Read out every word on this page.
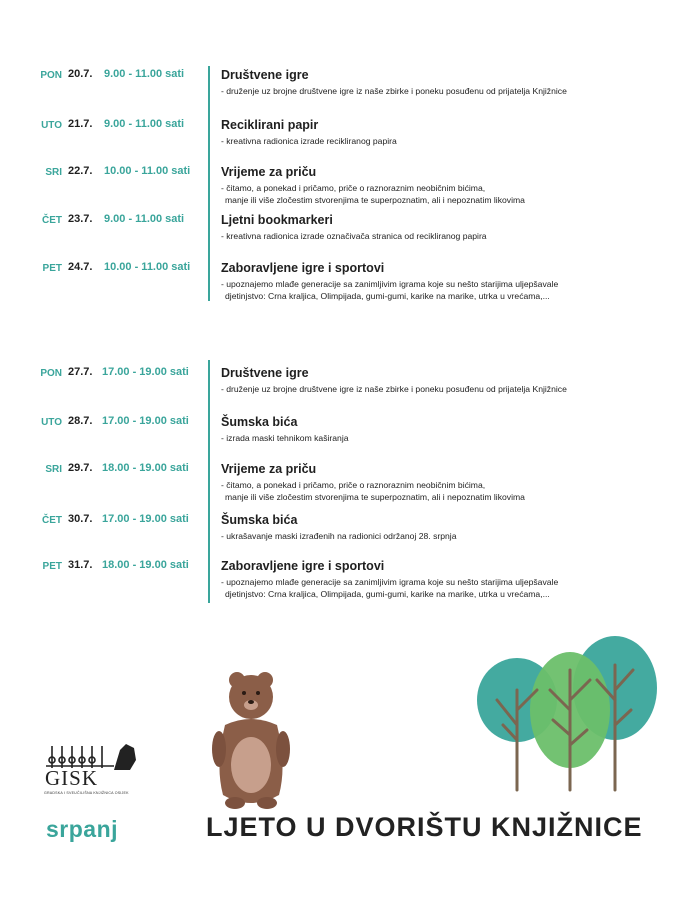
PON 20.7. 9.00 - 11.00 sati	Društvene igre
- druženje uz brojne društvene igre iz naše zbirke i poneku posuđenu od prijatelja Knjižnice
UTO 21.7. 9.00 - 11.00 sati	Reciklirani papir
- kreativna radionica izrade recikliranog papira
SRI 22.7. 10.00 - 11.00 sati Vrijeme za priču
- čitamo, a ponekad i pričamo, priče o raznoraznim neobičnim bićima,
manje ili više zločestim stvorenjima te superpoznatim, ali i nepoznatim likovima
ČET 23.7. 9.00 - 11.00 sati	Ljetni bookmarkeri
- kreativna radionica izrade označivača stranica od recikliranog papira
PET 24.7. 10.00 - 11.00 sati Zaboravljene igre i sportovi
- upoznajemo mlađe generacije sa zanimljivim igrama koje su nešto starijima uljepšavale
djetinjstvo: Crna kraljica, Olimpijada, gumi-gumi, karike na marike, utrka u vrećama,...
PON 27.7. 17.00 - 19.00 sati	Društvene igre
- druženje uz brojne društvene igre iz naše zbirke i poneku posuđenu od prijatelja Knjižnice
UTO 28.7. 17.00 - 19.00 sati	Šumska bića
- izrada maski tehnikom kaširanja
SRI 29.7. 18.00 - 19.00 sati	Vrijeme za priču
- čitamo, a ponekad i pričamo, priče o raznoraznim neobičnim bićima,
manje ili više zločestim stvorenjima te superpoznatim, ali i nepoznatim likovima
ČET 30.7. 17.00 - 19.00 sati	Šumska bića
- ukrašavanje maski izrađenih na radionici održanoj 28. srpnja
PET 31.7. 18.00 - 19.00 sati	Zaboravljene igre i sportovi
- upoznajemo mlađe generacije sa zanimljivim igrama koje su nešto starijima uljepšavale
djetinjstvo: Crna kraljica, Olimpijada, gumi-gumi, karike na marike, utrka u vrećama,...
GISK
GRADSKA I SVEUČILIŠNA KNJIŽNICA OSIJEK
srpanj	LJETO U DVORIŠTU KNJIŽNICE
